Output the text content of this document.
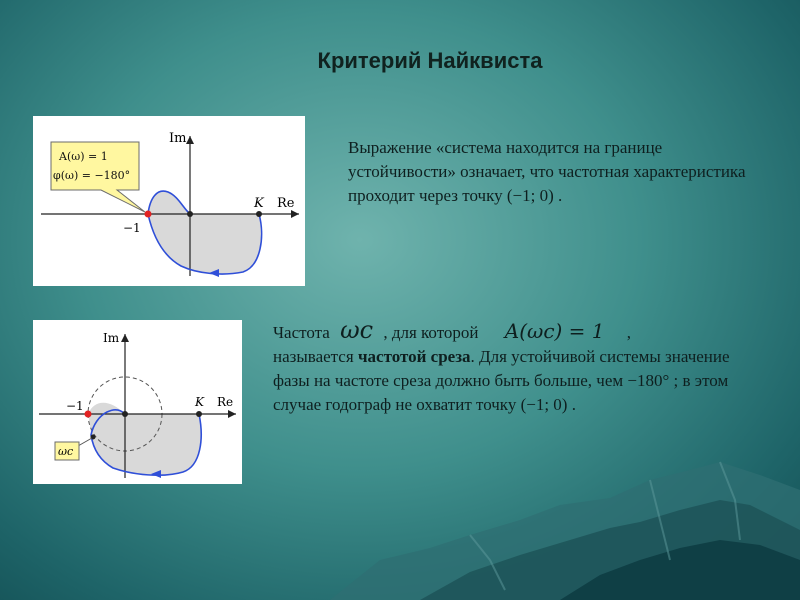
Критерий Найквиста
Im
Re
K
−1
A(ω) = 1
φ(ω) = −180°
Выражение «система находится на границе устойчивости» означает, что частотная характеристика проходит через точку (−1; 0) .
Im
Re
K
−1
ωc
Частота ωc , для которой A(ωc) = 1 ,
называется частотой среза. Для устойчивой системы значение фазы на частоте среза должно быть больше, чем −180° ; в этом случае годограф не охватит точку (−1; 0) .
